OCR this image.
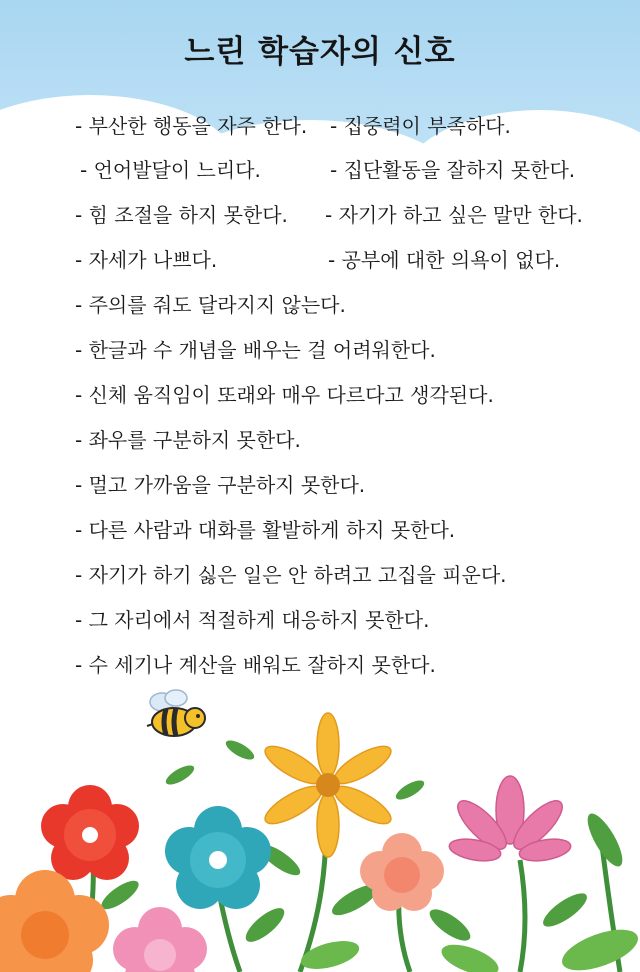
느린 학습자의 신호
- 부산한 행동을 자주 한다. - 집중력이 부족하다.
- 언어발달이 느리다.	- 집단활동을 잘하지 못한다.
- 힘 조절을 하지 못한다. - 자기가 하고 싶은 말만 한다.
- 자세가 나쁘다.	- 공부에 대한 의욕이 없다.
- 주의를 줘도 달라지지 않는다.
- 한글과 수 개념을 배우는 걸 어려워한다.
- 신체 움직임이 또래와 매우 다르다고 생각된다.
- 좌우를 구분하지 못한다.
- 멀고 가까움을 구분하지 못한다.
- 다른 사람과 대화를 활발하게 하지 못한다.
- 자기가 하기 싫은 일은 안 하려고 고집을 피운다.
- 그 자리에서 적절하게 대응하지 못한다.
- 수 세기나 계산을 배워도 잘하지 못한다.
